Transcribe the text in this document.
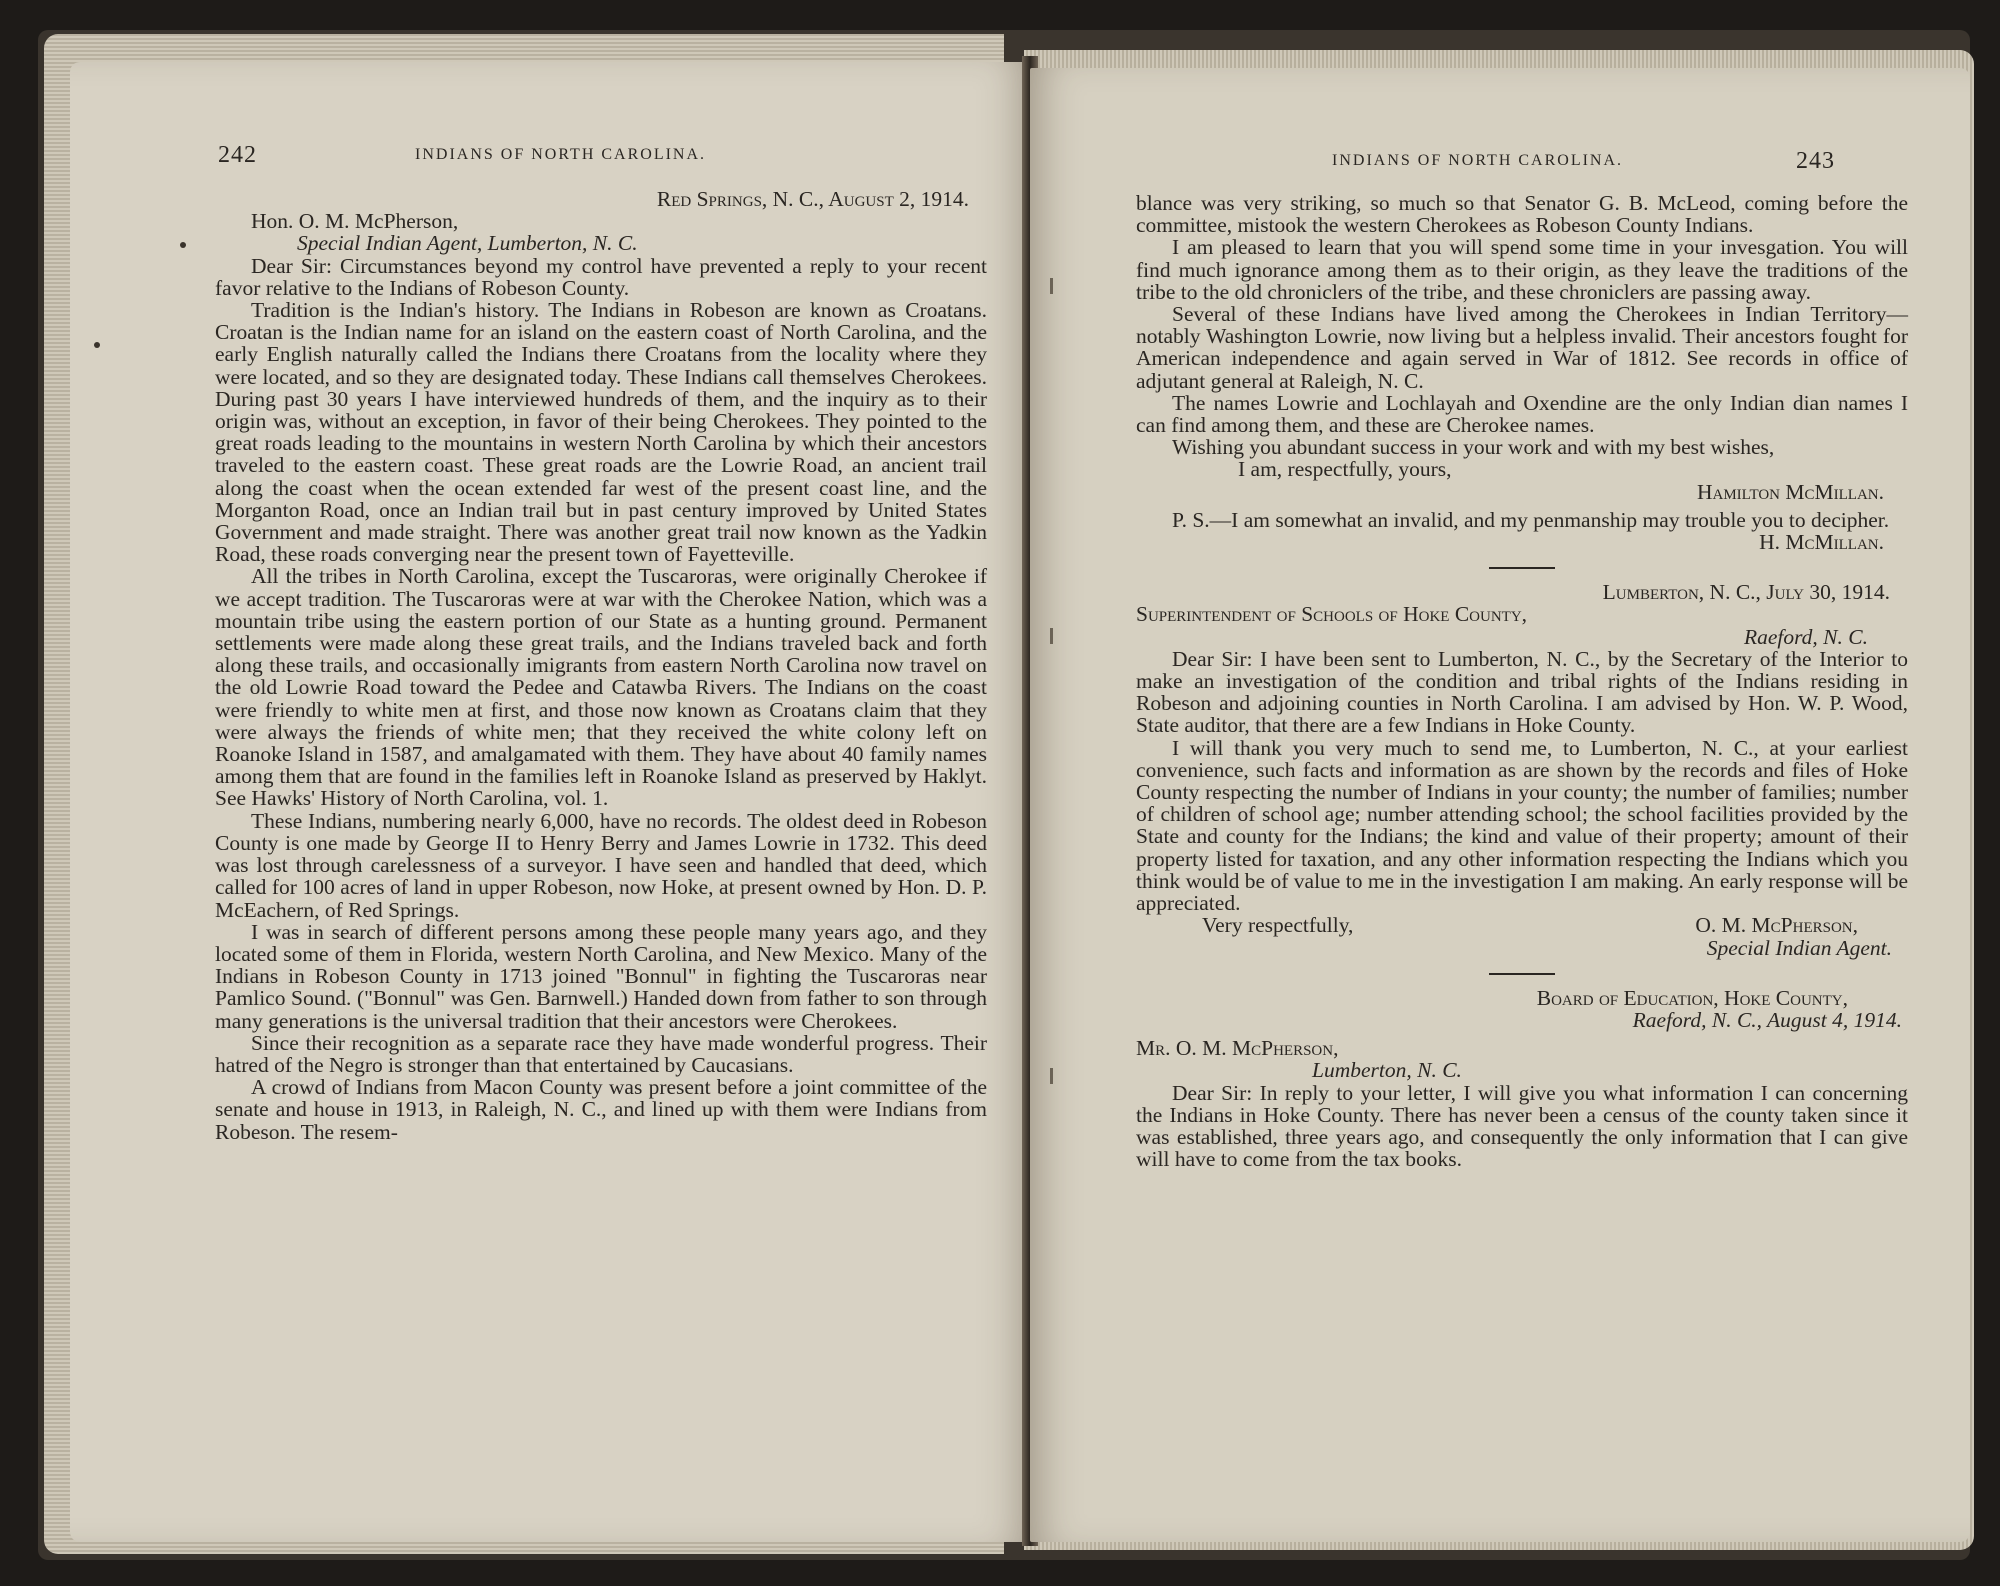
242	INDIANS OF NORTH CAROLINA.

Red Springs, N. C., August 2, 1914.

Hon. O. M. McPherson,

Special Indian Agent, Lumberton, N. C.

Dear Sir: Circumstances beyond my control have prevented a reply to your recent favor relative to the Indians of Robeson County.

Tradition is the Indian's history. The Indians in Robeson are known as Croatans. Croatan is the Indian name for an island on the eastern coast of North Carolina, and the early English naturally called the Indians there Croatans from the locality where they were located, and so they are designated today. These Indians call themselves Cherokees. During past 30 years I have interviewed hundreds of them, and the inquiry as to their origin was, without an exception, in favor of their being Cherokees. They pointed to the great roads leading to the mountains in western North Carolina by which their ancestors traveled to the eastern coast. These great roads are the Lowrie Road, an ancient trail along the coast when the ocean extended far west of the present coast line, and the Morganton Road, once an Indian trail but in past century improved by United States Government and made straight. There was another great trail now known as the Yadkin Road, these roads converging near the present town of Fayetteville.

All the tribes in North Carolina, except the Tuscaroras, were originally Cherokee if we accept tradition. The Tuscaroras were at war with the Cherokee Nation, which was a mountain tribe using the eastern portion of our State as a hunting ground. Permanent settlements were made along these great trails, and the Indians traveled back and forth along these trails, and occasionally imigrants from eastern North Carolina now travel on the old Lowrie Road toward the Pedee and Catawba Rivers. The Indians on the coast were friendly to white men at first, and those now known as Croatans claim that they were always the friends of white men; that they received the white colony left on Roanoke Island in 1587, and amalgamated with them. They have about 40 family names among them that are found in the families left in Roanoke Island as preserved by Haklyt. See Hawks' History of North Carolina, vol. 1.

These Indians, numbering nearly 6,000, have no records. The oldest deed in Robeson County is one made by George II to Henry Berry and James Lowrie in 1732. This deed was lost through carelessness of a surveyor. I have seen and handled that deed, which called for 100 acres of land in upper Robeson, now Hoke, at present owned by Hon. D. P. McEachern, of Red Springs.

I was in search of different persons among these people many years ago, and they located some of them in Florida, western North Carolina, and New Mexico. Many of the Indians in Robeson County in 1713 joined "Bonnul" in fighting the Tuscaroras near Pamlico Sound. ("Bonnul" was Gen. Barnwell.) Handed down from father to son through many generations is the universal tradition that their ancestors were Cherokees.

Since their recognition as a separate race they have made wonderful progress. Their hatred of the Negro is stronger than that entertained by Caucasians.

A crowd of Indians from Macon County was present before a joint committee of the senate and house in 1913, in Raleigh, N. C., and lined up with them were Indians from Robeson. The resem-

INDIANS OF NORTH CAROLINA.	243

blance was very striking, so much so that Senator G. B. McLeod, coming before the committee, mistook the western Cherokees as Robeson County Indians.

I am pleased to learn that you will spend some time in your invesgation. You will find much ignorance among them as to their origin, as they leave the traditions of the tribe to the old chroniclers of the tribe, and these chroniclers are passing away.

Several of these Indians have lived among the Cherokees in Indian Territory—notably Washington Lowrie, now living but a helpless invalid. Their ancestors fought for American independence and again served in War of 1812. See records in office of adjutant general at Raleigh, N. C.

The names Lowrie and Lochlayah and Oxendine are the only Indian dian names I can find among them, and these are Cherokee names.

Wishing you abundant success in your work and with my best wishes,

I am, respectfully, yours,

Hamilton McMillan.

P. S.—I am somewhat an invalid, and my penmanship may trouble you to decipher.

H. McMillan.

Lumberton, N. C., July 30, 1914.

Superintendent of Schools of Hoke County,

Raeford, N. C.

Dear Sir: I have been sent to Lumberton, N. C., by the Secretary of the Interior to make an investigation of the condition and tribal rights of the Indians residing in Robeson and adjoining counties in North Carolina. I am advised by Hon. W. P. Wood, State auditor, that there are a few Indians in Hoke County.

I will thank you very much to send me, to Lumberton, N. C., at your earliest convenience, such facts and information as are shown by the records and files of Hoke County respecting the number of Indians in your county; the number of families; number of children of school age; number attending school; the school facilities provided by the State and county for the Indians; the kind and value of their property; amount of their property listed for taxation, and any other information respecting the Indians which you think would be of value to me in the investigation I am making. An early response will be appreciated.

Very respectfully,	O. M. McPherson,

Special Indian Agent.

Board of Education, Hoke County,

Raeford, N. C., August 4, 1914.

Mr. O. M. McPherson,

Lumberton, N. C.

Dear Sir: In reply to your letter, I will give you what information I can concerning the Indians in Hoke County. There has never been a census of the county taken since it was established, three years ago, and consequently the only information that I can give will have to come from the tax books.
